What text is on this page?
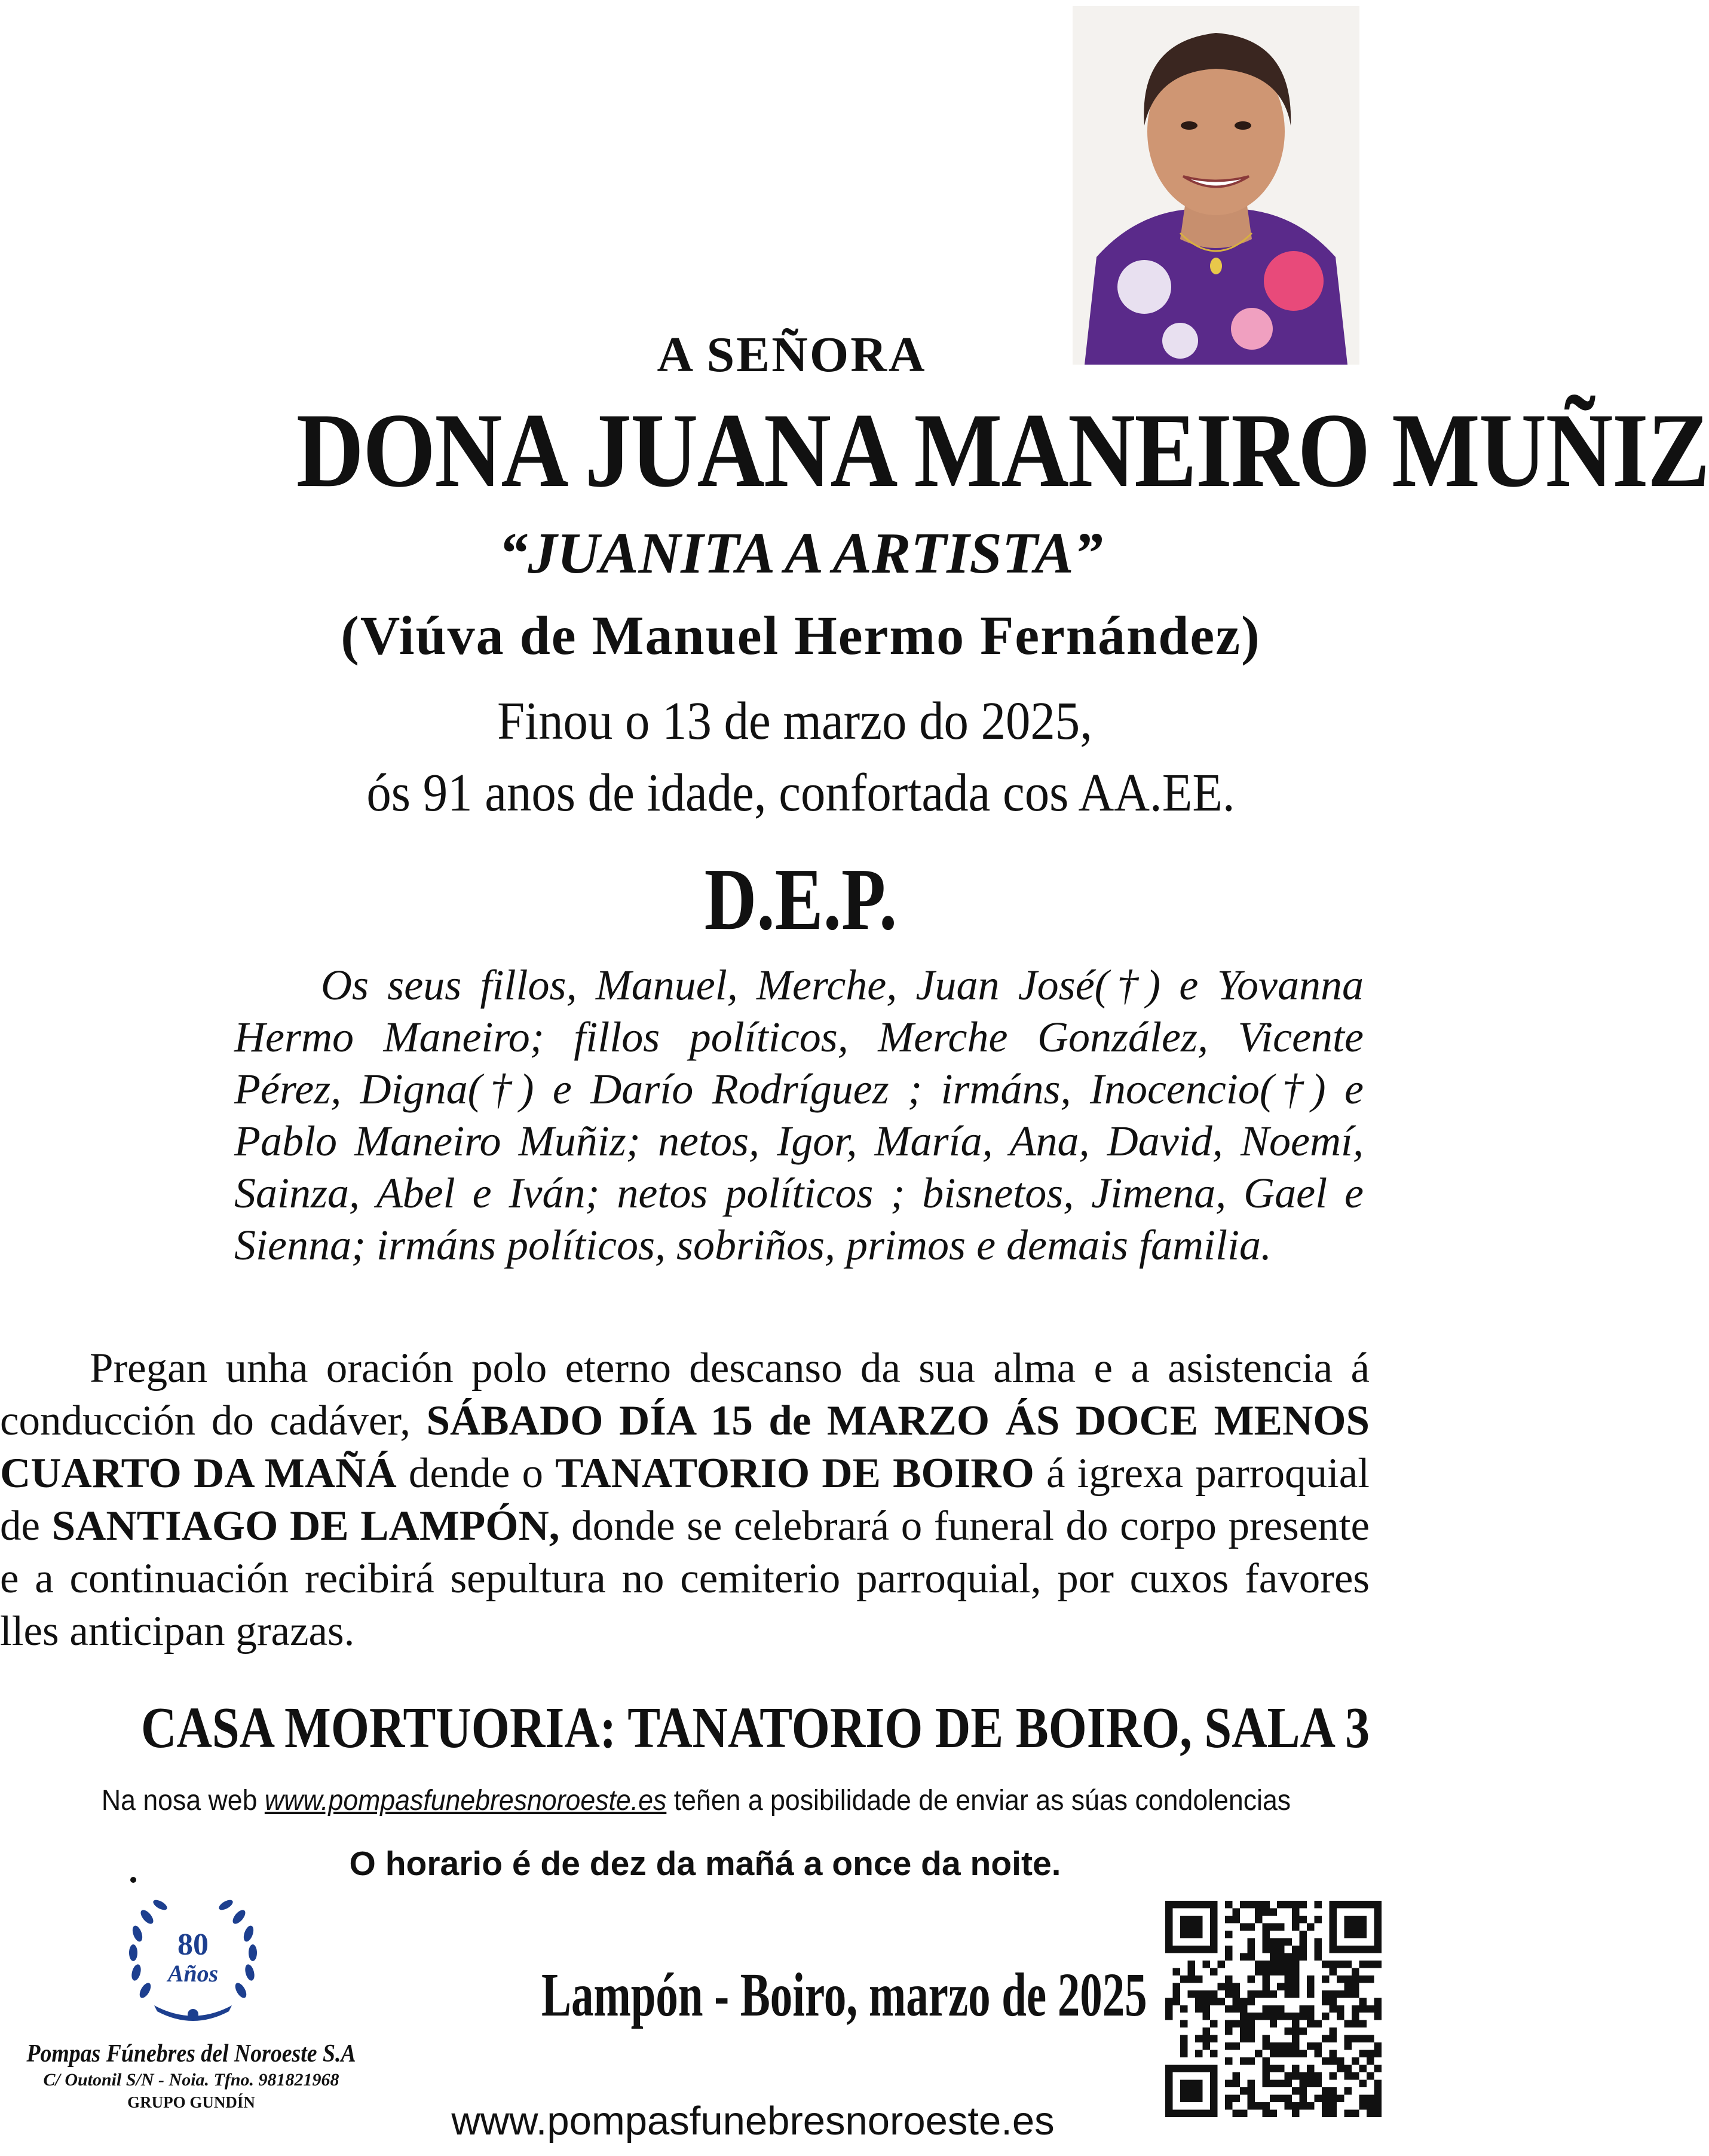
A SEÑORA
DONA JUANA MANEIRO MUÑIZ
“JUANITA A ARTISTA”
(Viúva de Manuel Hermo Fernández)
Finou o 13 de marzo do 2025,
ós 91 anos de idade, confortada cos AA.EE.
D.E.P.
Os seus fillos, Manuel, Merche, Juan José(†) e Yovanna Hermo Maneiro; fillos políticos, Merche González, Vicente Pérez, Digna(†) e Darío Rodríguez ; irmáns, Inocencio(†) e Pablo Maneiro Muñiz; netos, Igor, María, Ana, David, Noemí, Sainza, Abel e Iván; netos políticos ; bisnetos, Jimena, Gael e Sienna; irmáns políticos, sobriños, primos e demais familia.
Pregan unha oración polo eterno descanso da sua alma e a asistencia á conducción do cadáver, SÁBADO DÍA 15 de MARZO ÁS DOCE MENOS CUARTO DA MAÑÁ dende o TANATORIO DE BOIRO á igrexa parroquial de SANTIAGO DE LAMPÓN, donde se celebrará o funeral do corpo presente e a continuación recibirá sepultura no cemiterio parroquial, por cuxos favores lles anticipan grazas.
CASA MORTUORIA: TANATORIO DE BOIRO, SALA 3
Na nosa web www.pompasfunebresnoroeste.es teñen a posibilidade de enviar as súas condolencias
O horario é de dez da mañá a once da noite.
80
Años
Pompas Fúnebres del Noroeste S.A
C/ Outonil S/N - Noia. Tfno. 981821968
GRUPO GUNDÍN
Lampón - Boiro, marzo de 2025
www.pompasfunebresnoroeste.es
